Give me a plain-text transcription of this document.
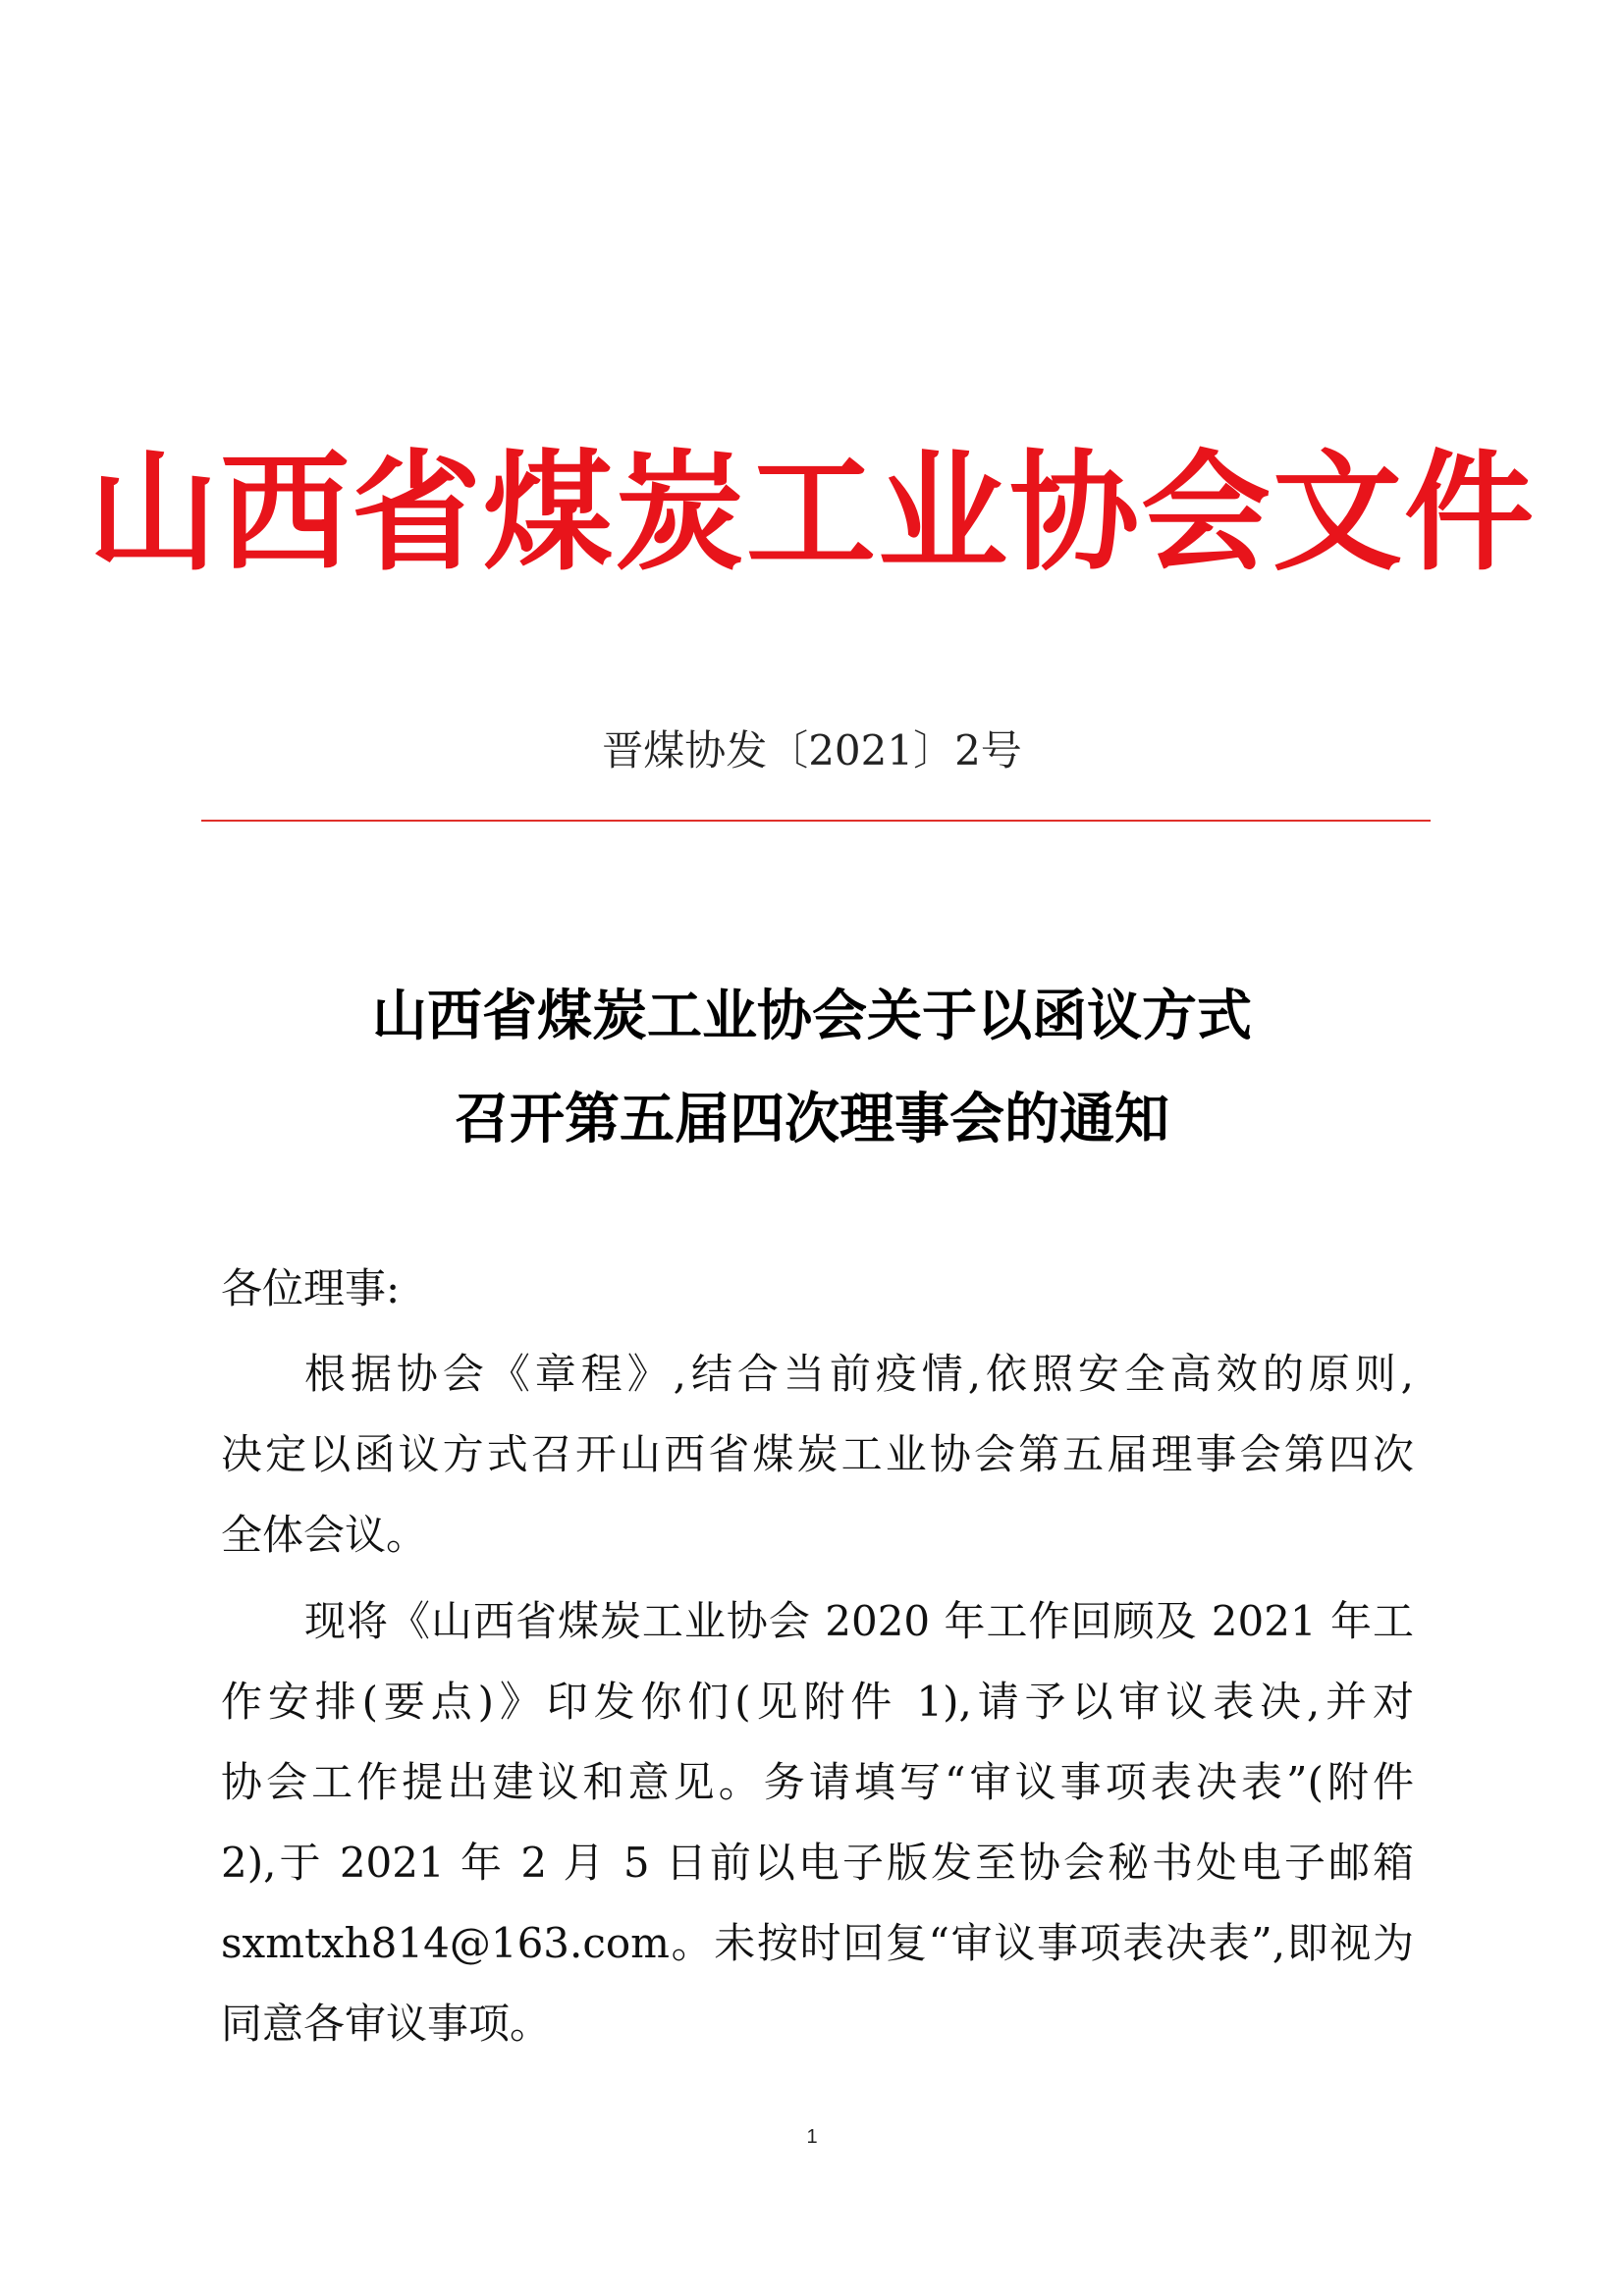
山西省煤炭工业协会文件
晋煤协发〔2021〕2号
山西省煤炭工业协会关于以函议方式
召开第五届四次理事会的通知
各位理事:
根据协会《章程》,结合当前疫情,依照安全高效的原则,
决定以函议方式召开山西省煤炭工业协会第五届理事会第四次
全体会议。
现将《山西省煤炭工业协会 2020 年工作回顾及 2021 年工
作安排(要点)》印发你们(见附件 1),请予以审议表决,并对
协会工作提出建议和意见。务请填写“审议事项表决表”(附件
2),于 2021 年 2 月 5 日前以电子版发至协会秘书处电子邮箱
sxmtxh814@163.com。未按时回复“审议事项表决表”,即视为
同意各审议事项。
1
